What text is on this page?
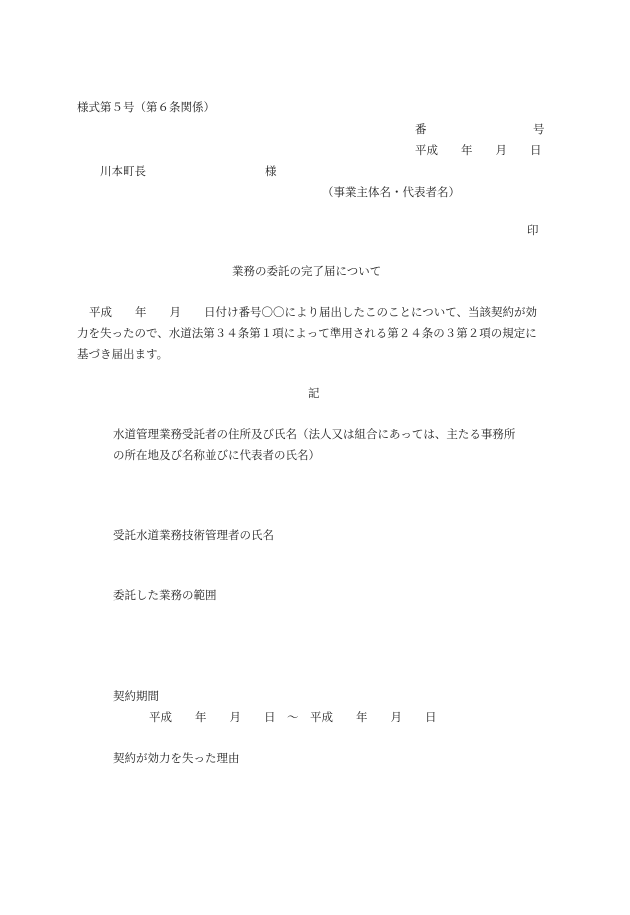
様式第５号（第６条関係）
番	号
平成　　年　　月　　日
川本町長	様
（事業主体名・代表者名）
印
業務の委託の完了届について
平成　　年　　月　　日付け番号〇〇により届出したこのことについて、当該契約が効
力を失ったので、水道法第３４条第１項によって準用される第２４条の３第２項の規定に
基づき届出ます。
記
水道管理業務受託者の住所及び氏名（法人又は組合にあっては、主たる事務所
の所在地及び名称並びに代表者の氏名）
受託水道業務技術管理者の氏名
委託した業務の範囲
契約期間
平成　　年　　月　　日　～　平成　　年　　月　　日
契約が効力を失った理由
